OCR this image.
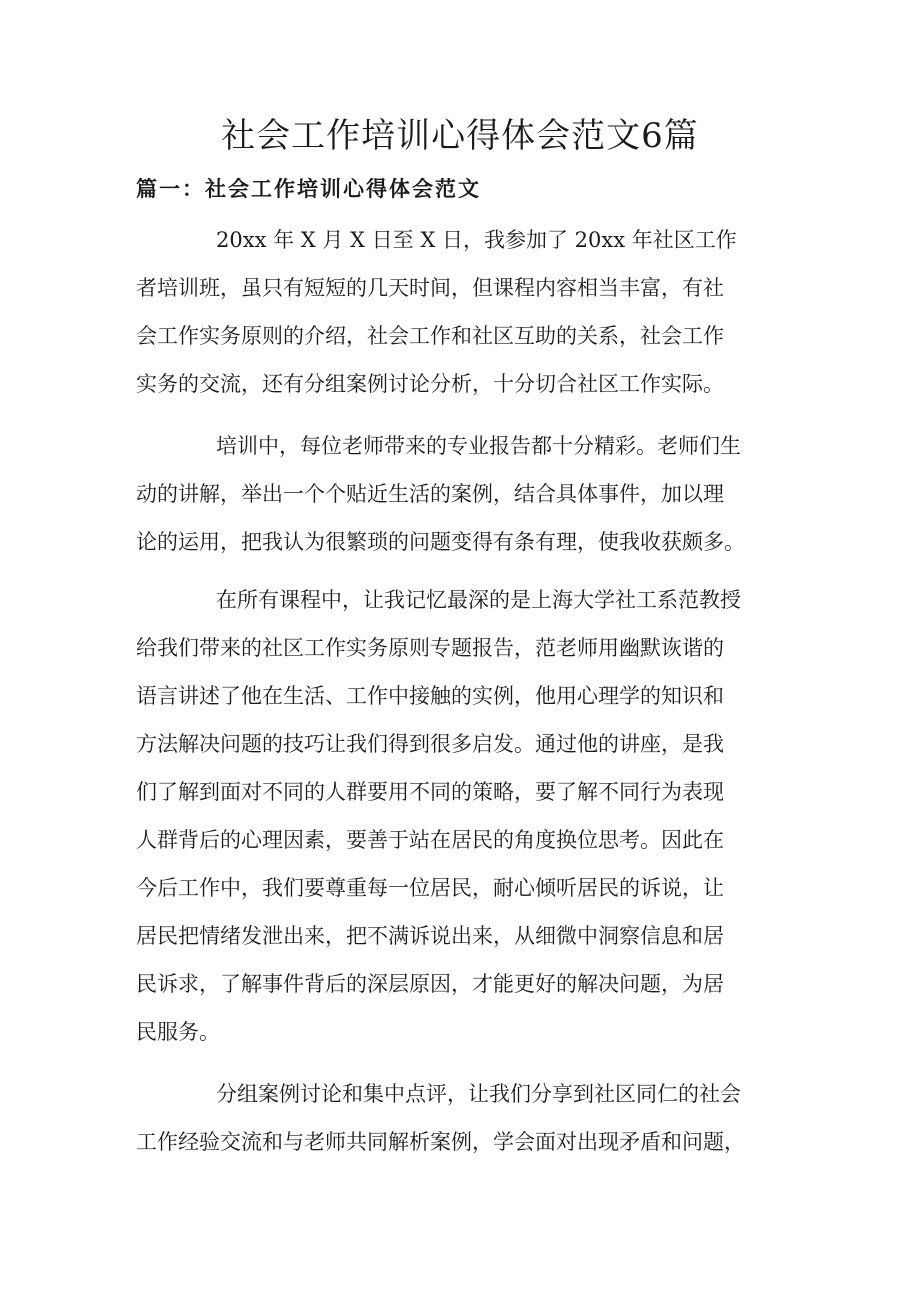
社会工作培训心得体会范文6篇
篇一：社会工作培训心得体会范文
20xx 年 X 月 X 日至 X 日，我参加了 20xx 年社区工作
者培训班，虽只有短短的几天时间，但课程内容相当丰富，有社
会工作实务原则的介绍，社会工作和社区互助的关系，社会工作
实务的交流，还有分组案例讨论分析，十分切合社区工作实际。
培训中，每位老师带来的专业报告都十分精彩。老师们生
动的讲解，举出一个个贴近生活的案例，结合具体事件，加以理
论的运用，把我认为很繁琐的问题变得有条有理，使我收获颇多。
在所有课程中，让我记忆最深的是上海大学社工系范教授
给我们带来的社区工作实务原则专题报告，范老师用幽默诙谐的
语言讲述了他在生活、工作中接触的实例，他用心理学的知识和
方法解决问题的技巧让我们得到很多启发。通过他的讲座，是我
们了解到面对不同的人群要用不同的策略，要了解不同行为表现
人群背后的心理因素，要善于站在居民的角度换位思考。因此在
今后工作中，我们要尊重每一位居民，耐心倾听居民的诉说，让
居民把情绪发泄出来，把不满诉说出来，从细微中洞察信息和居
民诉求，了解事件背后的深层原因，才能更好的解决问题，为居
民服务。
分组案例讨论和集中点评，让我们分享到社区同仁的社会
工作经验交流和与老师共同解析案例，学会面对出现矛盾和问题，
